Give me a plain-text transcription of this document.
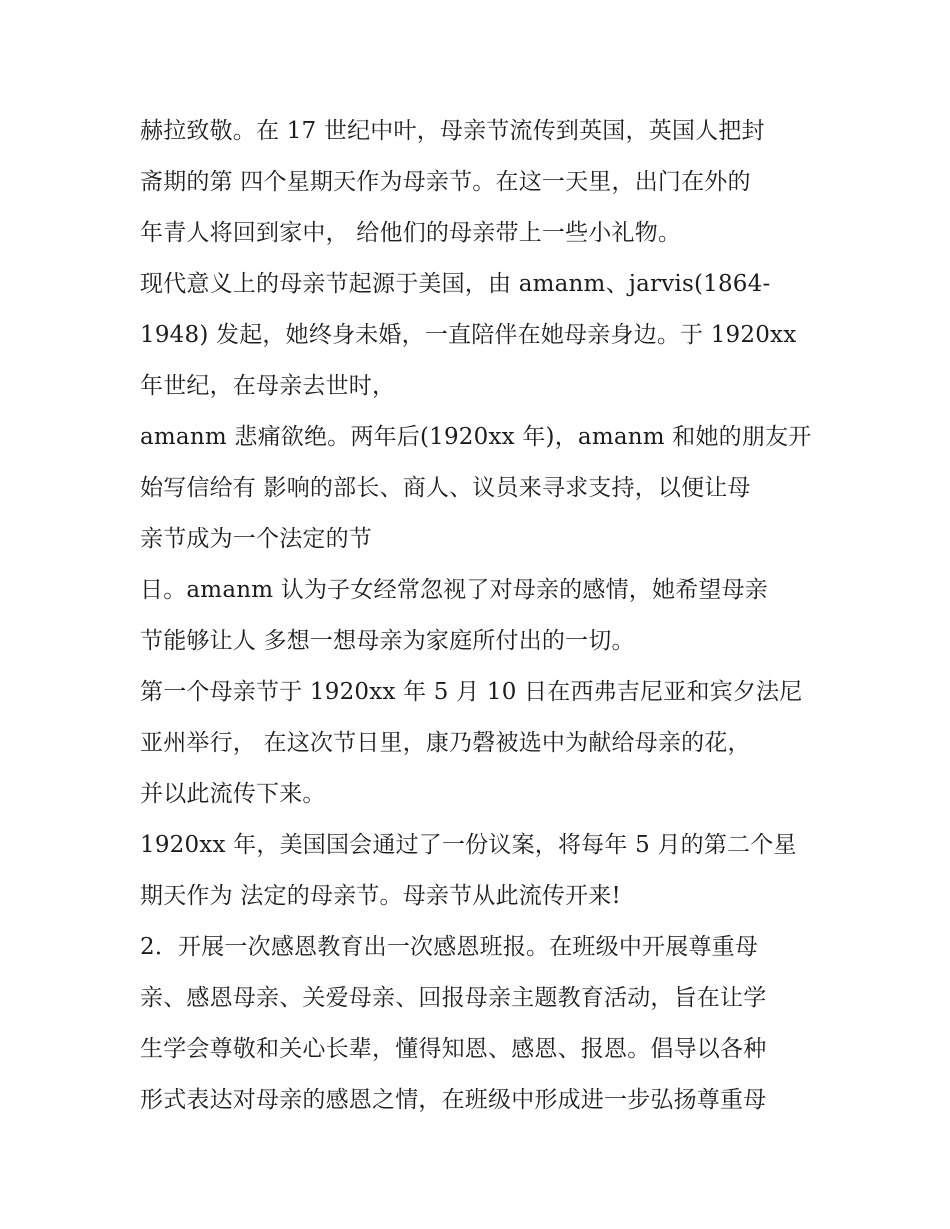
赫拉致敬。在 17 世纪中叶，母亲节流传到英国，英国人把封
斋期的第 四个星期天作为母亲节。在这一天里，出门在外的
年青人将回到家中， 给他们的母亲带上一些小礼物。
现代意义上的母亲节起源于美国，由 amanm、jarvis(1864-
1948) 发起，她终身未婚，一直陪伴在她母亲身边。于 1920xx
年世纪，在母亲去世时，
amanm 悲痛欲绝。两年后(1920xx 年)，amanm 和她的朋友开
始写信给有 影响的部长、商人、议员来寻求支持，以便让母
亲节成为一个法定的节
日。amanm 认为子女经常忽视了对母亲的感情，她希望母亲
节能够让人 多想一想母亲为家庭所付出的一切。
第一个母亲节于 1920xx 年 5 月 10 日在西弗吉尼亚和宾夕法尼
亚州举行， 在这次节日里，康乃磬被选中为献给母亲的花，
并以此流传下来。
1920xx 年，美国国会通过了一份议案，将每年 5 月的第二个星
期天作为 法定的母亲节。母亲节从此流传开来!
2．开展一次感恩教育出一次感恩班报。在班级中开展尊重母
亲、感恩母亲、关爱母亲、回报母亲主题教育活动，旨在让学
生学会尊敬和关心长辈，懂得知恩、感恩、报恩。倡导以各种
形式表达对母亲的感恩之情，在班级中形成进一步弘扬尊重母
